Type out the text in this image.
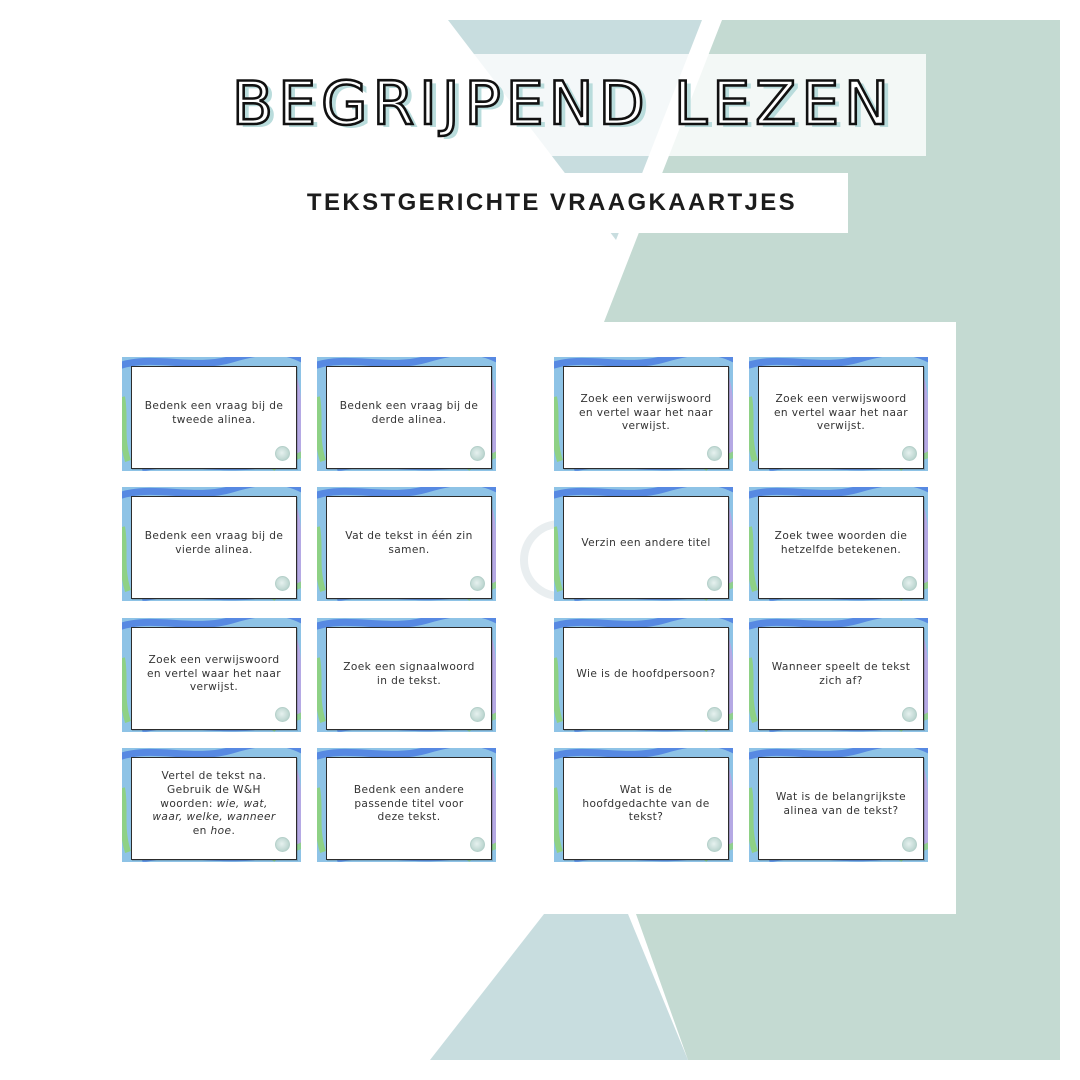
BEGRIJPEND LEZEN
TEKSTGERICHTE VRAAGKAARTJES

Bedenk een vraag bij de tweede alinea.

Bedenk een vraag bij de derde alinea.

Bedenk een vraag bij de vierde alinea.

Vat de tekst in één zin samen.

Zoek een verwijswoord en vertel waar het naar verwijst.

Zoek een signaalwoord in de tekst.

Vertel de tekst na. Gebruik de W&H woorden: wie, wat, waar, welke, wanneer en hoe.

Bedenk een andere passende titel voor deze tekst.

Zoek een verwijswoord en vertel waar het naar verwijst.

Zoek een verwijswoord en vertel waar het naar verwijst.

Verzin een andere titel

Zoek twee woorden die hetzelfde betekenen.

Wie is de hoofdpersoon?

Wanneer speelt de tekst zich af?

Wat is de hoofdgedachte van de tekst?

Wat is de belangrijkste alinea van de tekst?
